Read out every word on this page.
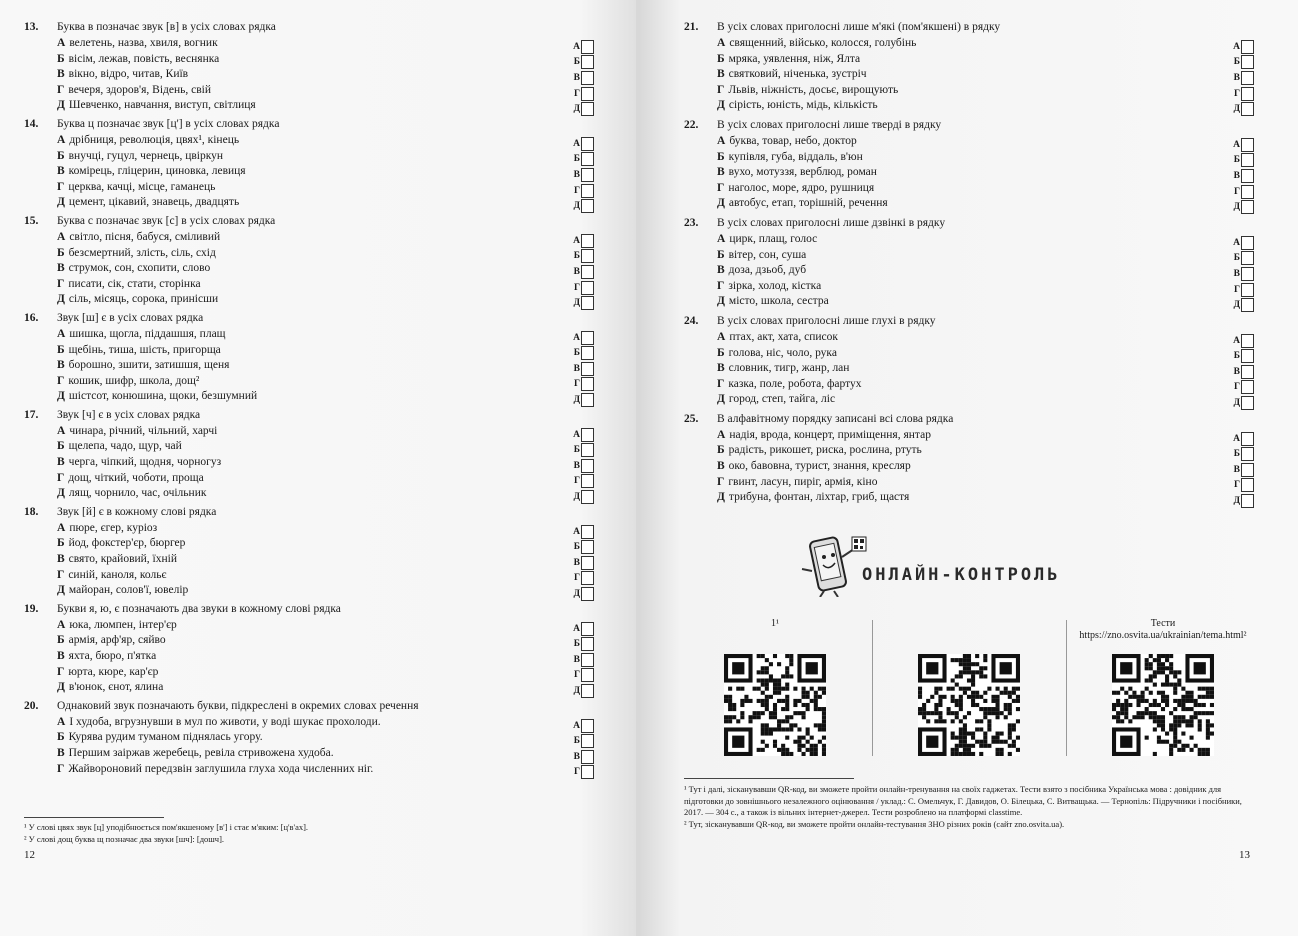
13.	Буква в позначає звук [в] в усіх словах рядка
А велетень, назва, хвиля, вогник
Б вісім, лежав, повість, веснянка
В вікно, відро, читав, Київ
Г вечеря, здоров'я, Відень, свій
Д Шевченко, навчання, виступ, світлиця
А
Б
В
Г
Д
14.	Буква ц позначає звук [ц'] в усіх словах рядка
А дрібниця, революція, цвях¹, кінець
Б внучці, гуцул, чернець, цвіркун
В комірець, гліцерин, циновка, левиця
Г церква, качці, місце, гаманець
Д цемент, цікавий, знавець, двадцять
А
Б
В
Г
Д
15.	Буква с позначає звук [с] в усіх словах рядка
А світло, пісня, бабуся, сміливий
Б безсмертний, злість, сіль, схід
В струмок, сон, схопити, слово
Г писати, сік, стати, сторінка
Д сіль, місяць, сорока, принісши
А
Б
В
Г
Д
16.	Звук [ш] є в усіх словах рядка
А шишка, щогла, піддашшя, плащ
Б щебінь, тиша, шість, пригорща
В борошно, зшити, затишшя, щеня
Г кошик, шифр, школа, дощ²
Д шістсот, конюшина, щоки, безшумний
А
Б
В
Г
Д
17.	Звук [ч] є в усіх словах рядка
А чинара, річний, чільний, харчі
Б щелепа, чадо, щур, чай
В черга, чіпкий, щодня, чорногуз
Г дощ, чіткий, чоботи, проща
Д лящ, чорнило, час, очільник
А
Б
В
Г
Д
18.	Звук [й] є в кожному слові рядка
А пюре, єгер, куріоз
Б йод, фокстер'єр, бюргер
В свято, крайовий, їхній
Г синій, каноля, кольє
Д майоран, солов'ї, ювелір
А
Б
В
Г
Д
19.	Букви я, ю, є позначають два звуки в кожному слові рядка
А юка, люмпен, інтер'єр
Б армія, арф'яр, сяйво
В яхта, бюро, п'ятка
Г юрта, кюре, кар'єр
Д в'юнок, єнот, ялина
А
Б
В
Г
Д
20.	Однаковий звук позначають букви, підкреслені в окремих словах речення
А І худоба, вгрузнувши в мул по животи, у воді шукає прохолоди.
Б Курява рудим туманом піднялась угору.
В Першим заіржав жеребець, ревіла стривожена худоба.
Г Жайвороновий передзвін заглушила глуха хода численних ніг.
А
Б
В
Г
¹ У слові цвях звук [ц] уподібнюється пом'якшеному [в'] і стає м'яким: [ц'в'ах].
² У слові дощ буква щ позначає два звуки [шч]: [дошч].
12
21.	В усіх словах приголосні лише м'які (пом'якшені) в рядку
А священний, військо, колосся, голубінь
Б мряка, уявлення, ніж, Ялта
В святковий, ніченька, зустріч
Г Львів, ніжність, досьє, вирощують
Д сірість, юність, мідь, кількість
А
Б
В
Г
Д
22.	В усіх словах приголосні лише тверді в рядку
А буква, товар, небо, доктор
Б купівля, губа, віддаль, в'юн
В вухо, мотуззя, верблюд, роман
Г наголос, море, ядро, рушниця
Д автобус, етап, торішній, речення
А
Б
В
Г
Д
23.	В усіх словах приголосні лише дзвінкі в рядку
А цирк, плащ, голос
Б вітер, сон, суша
В доза, дзьоб, дуб
Г зірка, холод, кістка
Д місто, школа, сестра
А
Б
В
Г
Д
24.	В усіх словах приголосні лише глухі в рядку
А птах, акт, хата, список
Б голова, ніс, чоло, рука
В словник, тигр, жанр, лан
Г казка, поле, робота, фартух
Д город, степ, тайга, ліс
А
Б
В
Г
Д
25.	В алфавітному порядку записані всі слова рядка
А надія, врода, концерт, приміщення, янтар
Б радість, рикошет, риска, рослина, ртуть
В око, бавовна, турист, знання, кресляр
Г гвинт, ласун, пиріг, армія, кіно
Д трибуна, фонтан, ліхтар, гриб, щастя
А
Б
В
Г
Д
ОНЛАЙН-КОНТРОЛЬ
1¹	Тести
https://zno.osvita.ua/ukrainian/tema.html²
¹ Тут і далі, зісканувавши QR-код, ви зможете пройти онлайн-тренування на своїх гаджетах. Тести взято з посібника Українська мова : довідник для підготовки до зовнішнього незалежного оцінювання / уклад.: С. Омельчук, Г. Давидов, О. Білецька, С. Витващька. — Тернопіль: Підручники і посібники, 2017. — 304 с., а також із вільних інтернет-джерел. Тести розроблено на платформі classtime.
² Тут, зісканувавши QR-код, ви зможете пройти онлайн-тестування ЗНО різних років (сайт zno.osvita.ua).
13
